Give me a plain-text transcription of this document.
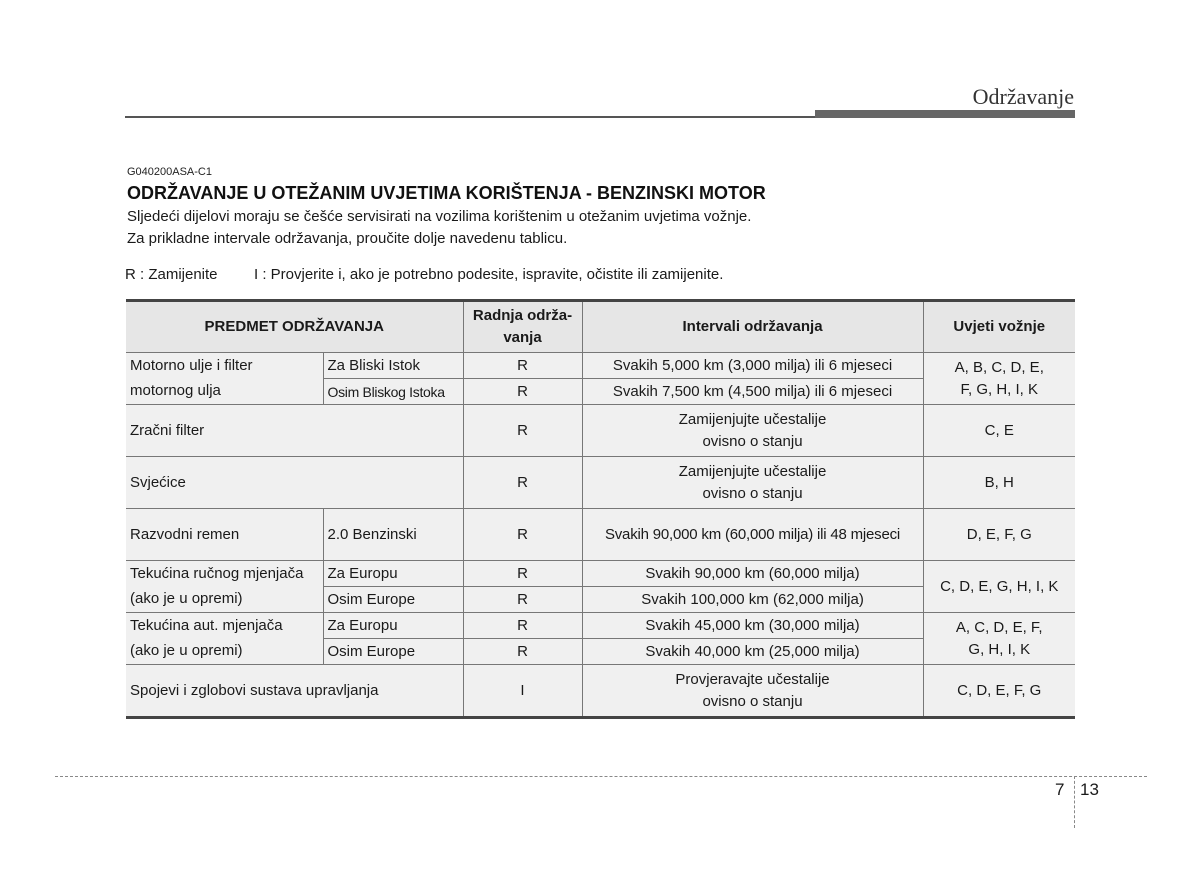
Održavanje
G040200ASA-C1
ODRŽAVANJE U OTEŽANIM UVJETIMA KORIŠTENJA - BENZINSKI MOTOR
Sljedeći dijelovi moraju se češće servisirati na vozilima korištenim u otežanim uvjetima vožnje.
Za prikladne intervale održavanja, proučite dolje navedenu tablicu.
R : Zamijenite I : Provjerite i, ako je potrebno podesite, ispravite, očistite ili zamijenite.
PREDMET ODRŽAVANJA		Radnja održa-
vanja	Intervali održavanja	Uvjeti vožnje
Motorno ulje i filter	Za Bliski Istok	R	Svakih 5,000 km (3,000 milja) ili 6 mjeseci	A, B, C, D, E,
F, G, H, I, K

motornog ulja	Osim Bliskog Istoka	R	Svakih 7,500 km (4,500 milja) ili 6 mjeseci	
Zračni filter		R	Zamijenjujte učestalije
ovisno o stanju	C, E
Svjećice		R	Zamijenjujte učestalije
ovisno o stanju	B, H
Razvodni remen	2.0 Benzinski	R	Svakih 90,000 km (60,000 milja) ili 48 mjeseci	D, E, F, G
Tekućina ručnog mjenjača	Za Europu	R	Svakih 90,000 km (60,000 milja)	C, D, E, G, H, I, K
(ako je u opremi)	Osim Europe	R	Svakih 100,000 km (62,000 milja)	
Tekućina aut. mjenjača	Za Europu	R	Svakih 45,000 km (30,000 milja)	A, C, D, E, F,
G, H, I, K

(ako je u opremi)	Osim Europe	R	Svakih 40,000 km (25,000 milja)	
Spojevi i zglobovi sustava upravljanja		I	Provjeravajte učestalije
ovisno o stanju	C, D, E, F, G
7 13
